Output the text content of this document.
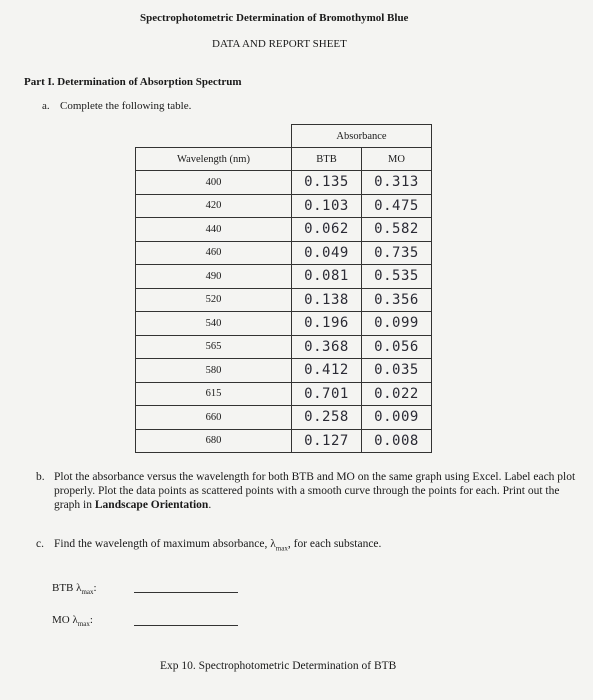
Spectrophotometric Determination of Bromothymol Blue
DATA AND REPORT SHEET
Part I. Determination of Absorption Spectrum
a. Complete the following table.
	Absorbance	
Wavelength (nm)	BTB	MO
400	0.135	0.313
420	0.103	0.475
440	0.062	0.582
460	0.049	0.735
490	0.081	0.535
520	0.138	0.356
540	0.196	0.099
565	0.368	0.056
580	0.412	0.035
615	0.701	0.022
660	0.258	0.009
680	0.127	0.008
b. Plot the absorbance versus the wavelength for both BTB and MO on the same graph using Excel. Label each plot properly. Plot the data points as scattered points with a smooth curve through the points for each. Print out the graph in Landscape Orientation.
c. Find the wavelength of maximum absorbance, $\lambda_{max}$, for each substance.
BTB $\lambda_{max}$:
MO $\lambda_{max}$:
Exp 10. Spectrophotometric Determination of BTB
